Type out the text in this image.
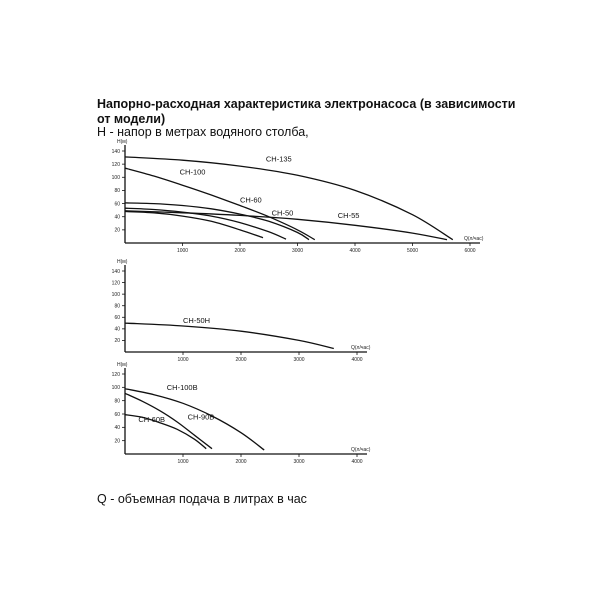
Напорно-расходная характеристика электронасоса (в зависимости от модели)
H - напор в метрах водяного столба,
H(м)
Q(л/час)
1000	2000	3000	4000	5000	6000
20
40
60
80
100
120
140
CH-135
CH-100
CH-60
CH-55
CH-50
H(м)
Q(л/час)
1000	2000	3000	4000
20
40
60
80
100
120
140
CH-50H
H(м)
Q(л/час)
1000	2000	3000	4000
20
40
60
80
100
120
CH-100B
CH-90B
CH-60B
Q - объемная подача в литрах в час
